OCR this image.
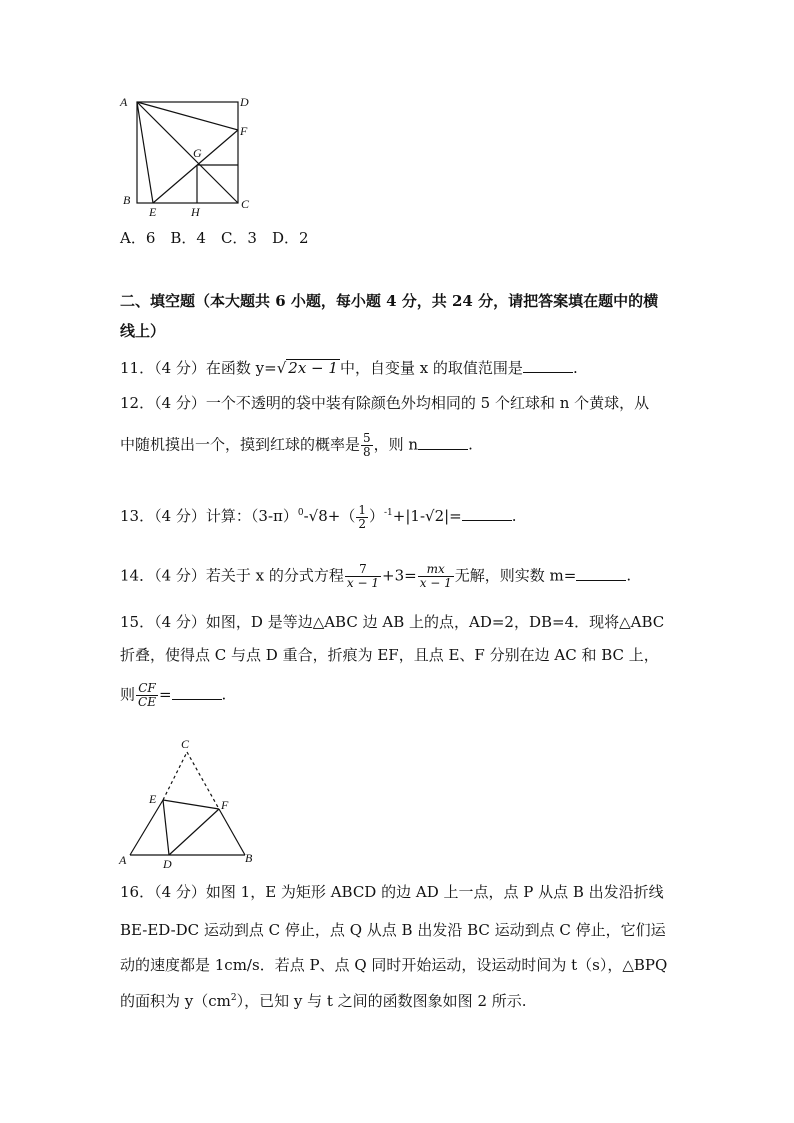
A	D
F
G
B
E	H
C
A．6　B．4　C．3　D．2
二、填空题（本大题共 6 小题，每小题 4 分，共 24 分，请把答案填在题中的横
线上）
11．（4 分）在函数 y=√ 2x − 1 中，自变量 x 的取值范围是	.
12．（4 分）一个不透明的袋中装有除颜色外均相同的 5 个红球和 n 个黄球，从
中随机摸出一个，摸到红球的概率是 $\frac{5}{8}$ ，则 n	.
13．（4 分）计算：$(3-\pi)^0-√8+( \frac{1}{2} )^{-1}+|1-√2|=$	.
14．（4 分）若关于 x 的分式方程 $\frac{7}{x - 1} +3= \frac{mx}{x - 1}$ 无解，则实数 m=	.
15．（4 分）如图，D 是等边△ABC 边 AB 上的点，AD=2，DB=4．现将△ABC
折叠，使得点 C 与点 D 重合，折痕为 EF，且点 E、F 分别在边 AC 和 BC 上，
则 $\frac{CF}{CE}$ =	.
C
E	F
A	D	B
16．（4 分）如图 1，E 为矩形 ABCD 的边 AD 上一点，点 P 从点 B 出发沿折线
BE-ED-DC 运动到点 C 停止，点 Q 从点 B 出发沿 BC 运动到点 C 停止，它们运
动的速度都是 1cm/s．若点 P、点 Q 同时开始运动，设运动时间为 t（s），△BPQ
的面积为 $y(cm^2)$，已知 y 与 t 之间的函数图象如图 2 所示.
